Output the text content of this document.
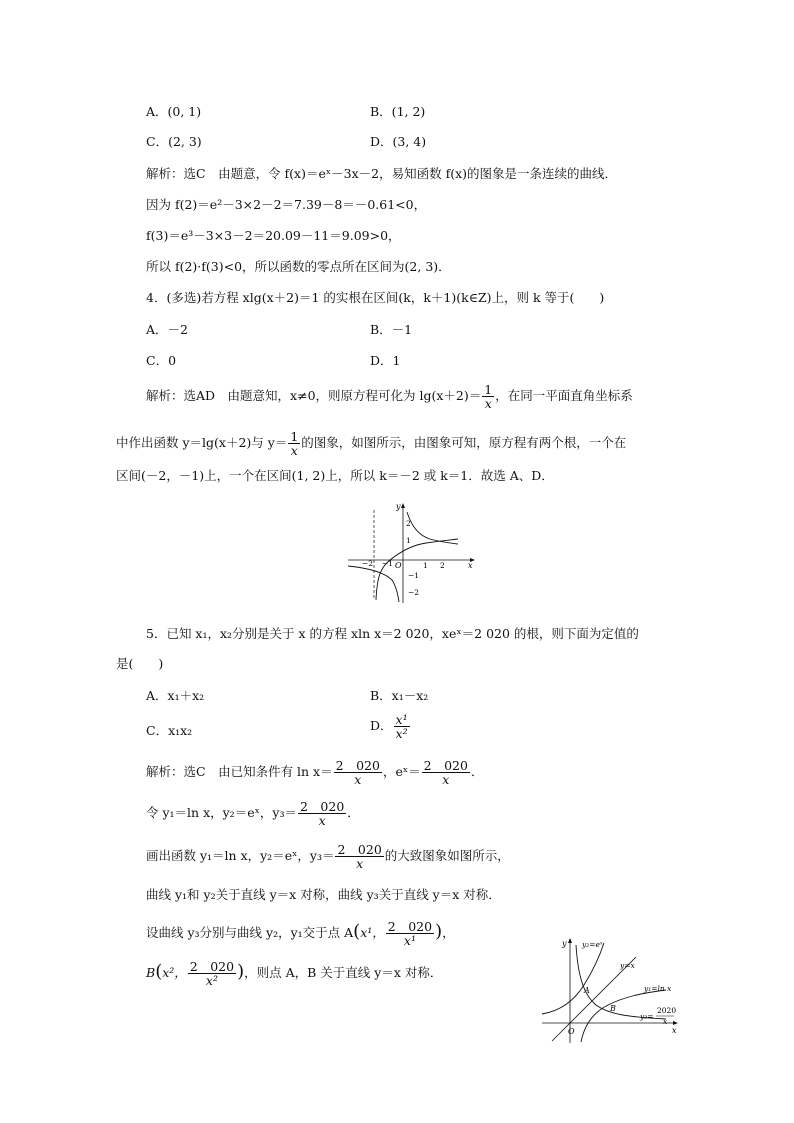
A．(0, 1)	B．(1, 2)
C．(2, 3)	D．(3, 4)
解析：选C　由题意，令 f(x)＝eˣ－3x－2，易知函数 f(x)的图象是一条连续的曲线．
因为 f(2)＝e²－3×2－2＝7.39－8＝－0.61<0，
f(3)＝e³－3×3－2＝20.09－11＝9.09>0，
所以 f(2)·f(3)<0，所以函数的零点所在区间为(2, 3)．
4．(多选)若方程 xlg(x＋2)＝1 的实根在区间(k，k＋1)(k∈Z)上，则 k 等于(　　)
A．－2	B．－1
C．0	D．1
解析：选AD　由题意知，x≠0，则原方程可化为 $\lg(x+2)= \frac{1}{x}$ ，在同一平面直角坐标系
中作出函数 y＝lg(x＋2)与 $y= \frac{1}{x}$ 的图象，如图所示，由图象可知，原方程有两个根，一个在
区间(－2，－1)上，一个在区间(1, 2)上，所以 k＝－2 或 k＝1．故选 A、D．
x
y
O
−2 −1	1 2
2
1
−1
−2
5．已知 x₁，x₂分别是关于 x 的方程 xln x＝2 020，xeˣ＝2 020 的根，则下面为定值的
是(　　)
A．x₁＋x₂	B．x₁－x₂
C．x₁x₂	D． $\frac{\text{x¹}}{\text{x²}}$
解析：选C　由已知条件有 $\ln x= \frac{2 020}{x}$ ，eˣ＝ $\frac{2 020}{x}$ ．
令 y₁＝ln x，y₂＝eˣ，$y_3= \frac{2 020}{x}$ ．
画出函数 y₁＝ln x，y₂＝eˣ，$y_3= \frac{2 020}{x}$ 的大致图象如图所示，
曲线 y₁和 y₂关于直线 y＝x 对称，曲线 y₃关于直线 y＝x 对称．
设曲线 y₃分别与曲线 y₂，y₁交于点 A(x¹， $\frac{2 020}{\text{x¹}}$ )，
B(x²， $\frac{2 020}{\text{x²}}$ )，则点 A，B 关于直线 y＝x 对称．
x
y
O
y₂=eˣ
y=x
y₁=ln x
y₃=
2020
x
A
B
